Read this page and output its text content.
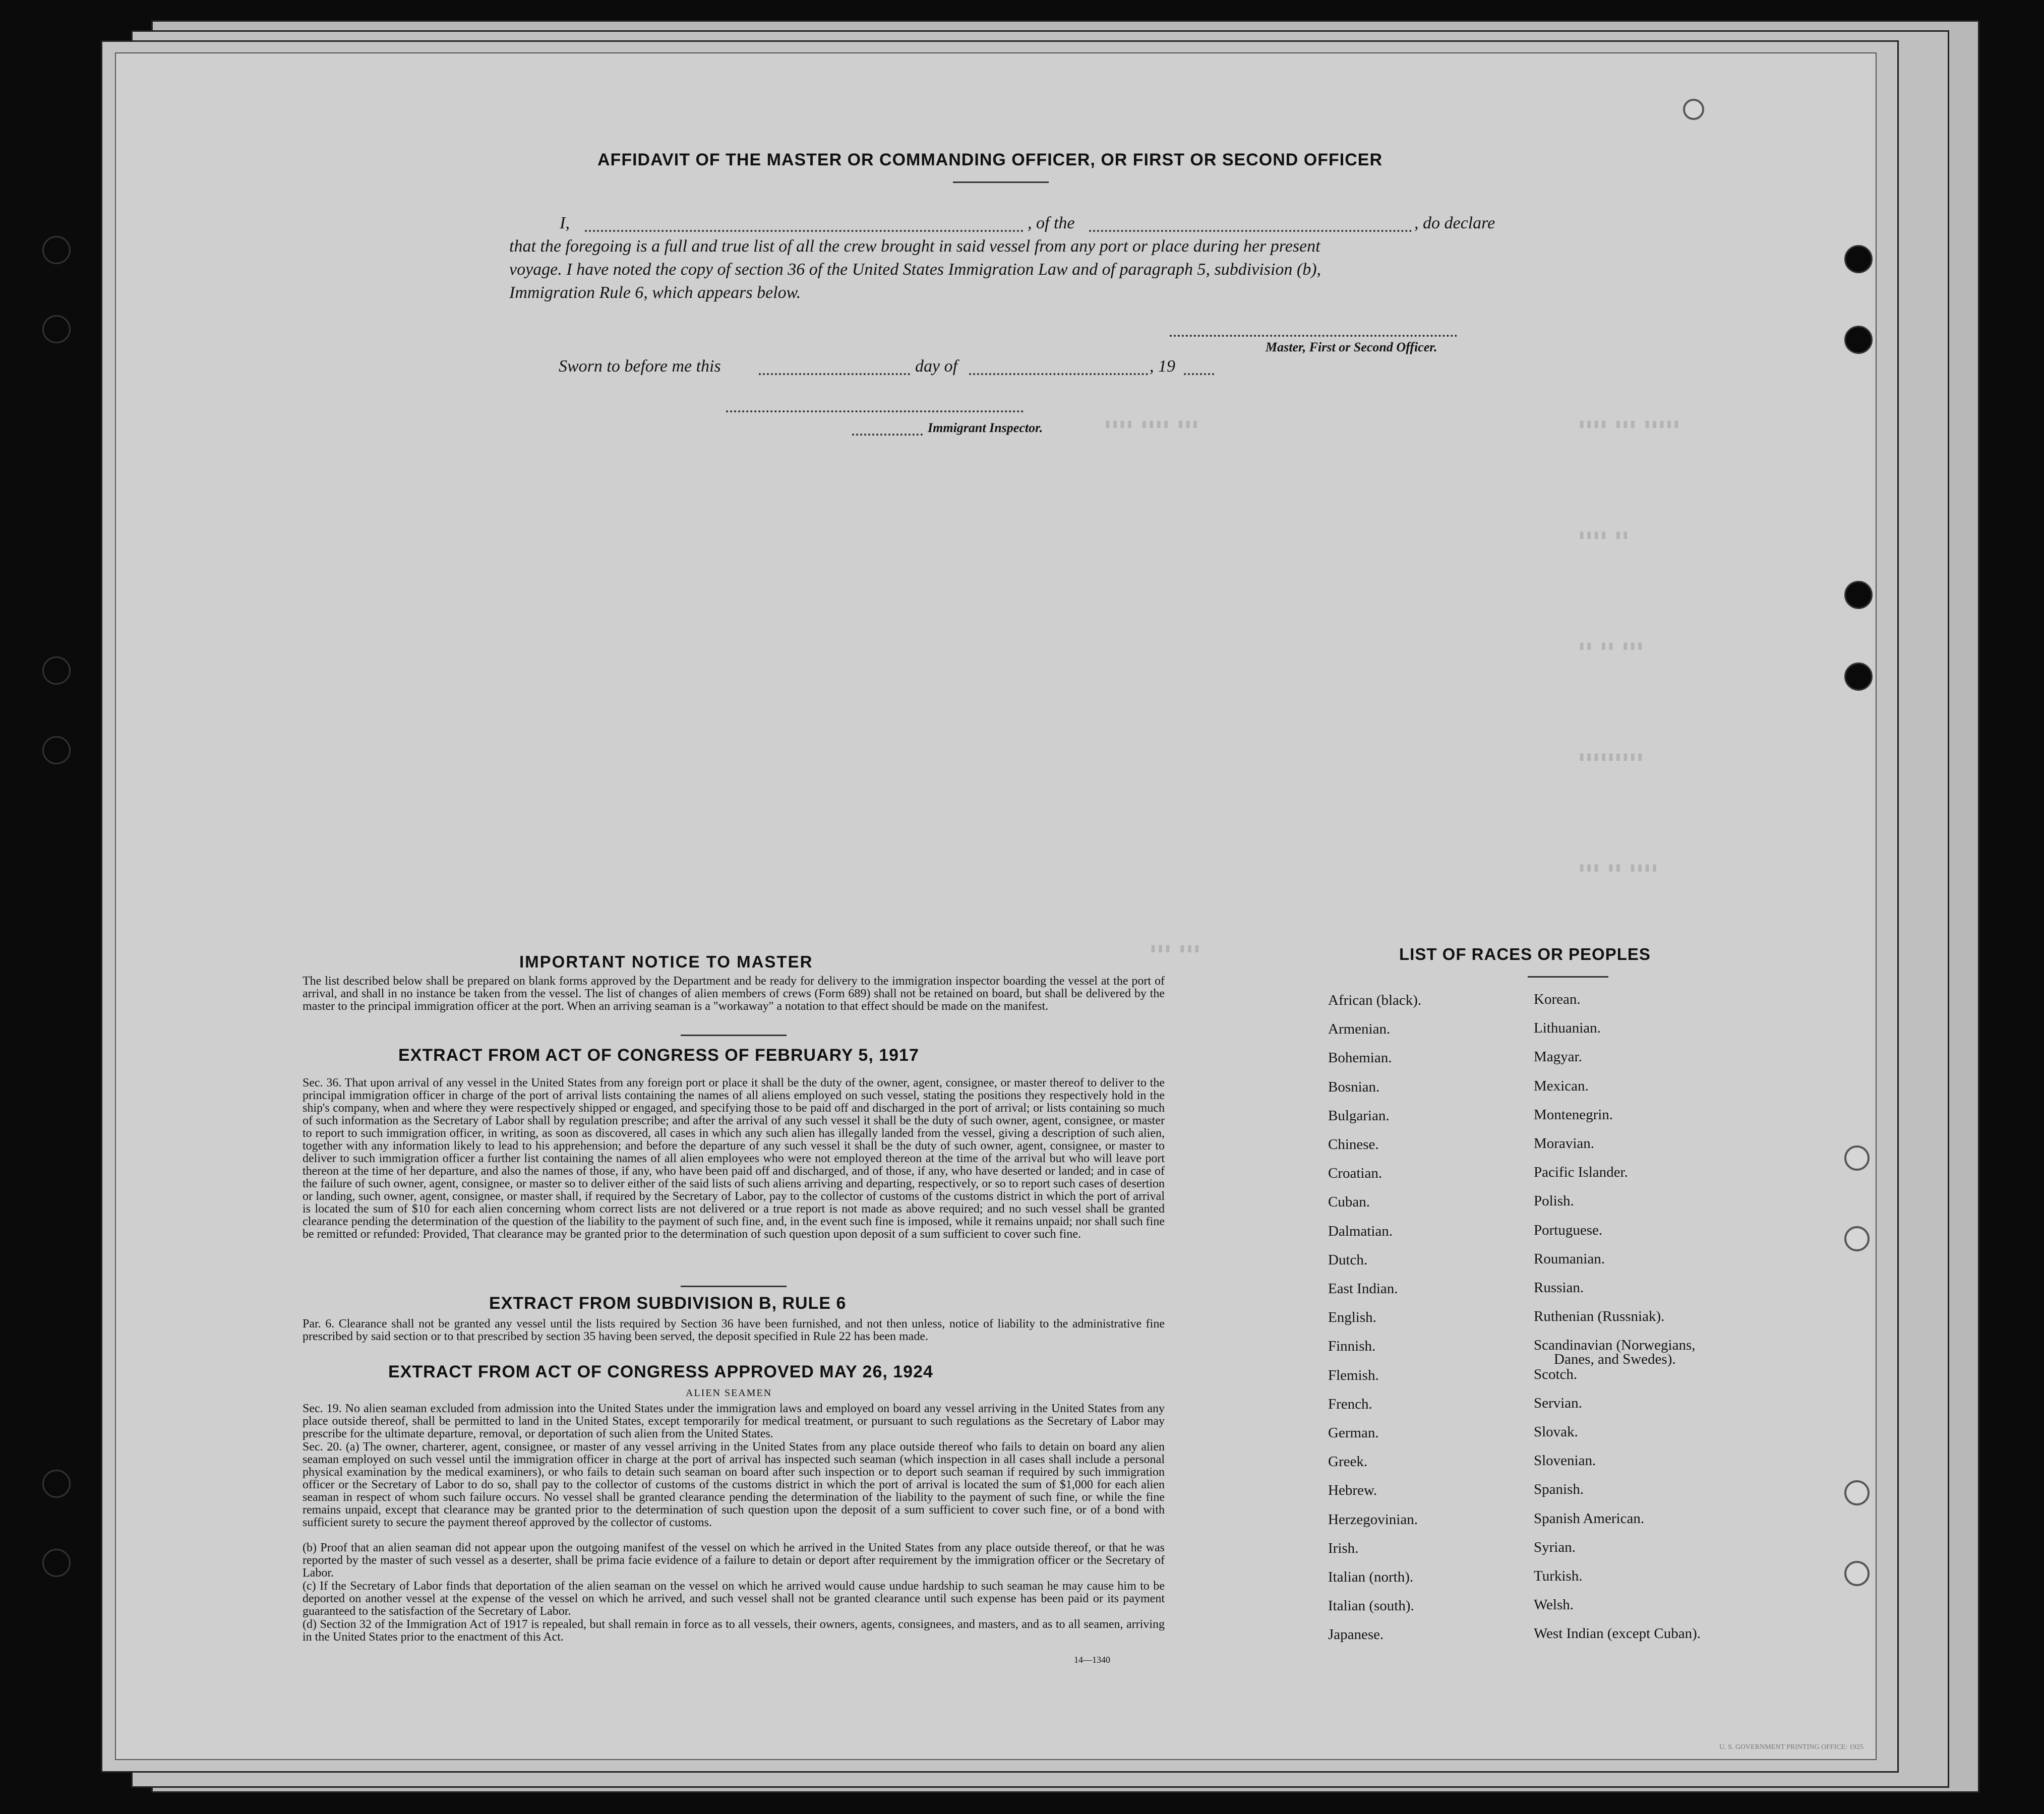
▮▮▮▮ ▮▮▮ ▮▮▮▮▮
▮▮▮▮ ▮▮
▮▮ ▮▮ ▮▮▮
▮▮▮▮▮▮▮▮▮
▮▮▮ ▮▮ ▮▮▮▮
▮▮▮▮ ▮▮▮▮ ▮▮▮
▮▮▮ ▮▮▮
AFFIDAVIT OF THE MASTER OR COMMANDING OFFICER, OR FIRST OR SECOND OFFICER
I,	, of the	, do declare
that the foregoing is a full and true list of all the crew brought in said vessel from any port or place during her present
voyage. I have noted the copy of section 36 of the United States Immigration Law and of paragraph 5, subdivision (b),
Immigration Rule 6, which appears below.
Master, First or Second Officer.
Sworn to before me this	day of	, 19
Immigrant Inspector.
IMPORTANT NOTICE TO MASTER
The list described below shall be prepared on blank forms approved by the Department and be ready for delivery to the immigration inspector boarding the vessel at the port of arrival, and shall in no instance be taken from the vessel. The list of changes of alien members of crews (Form 689) shall not be retained on board, but shall be delivered by the master to the principal immigration officer at the port. When an arriving seaman is a "workaway" a notation to that effect should be made on the manifest.
EXTRACT FROM ACT OF CONGRESS OF FEBRUARY 5, 1917
Sec. 36. That upon arrival of any vessel in the United States from any foreign port or place it shall be the duty of the owner, agent, consignee, or master thereof to deliver to the principal immigration officer in charge of the port of arrival lists containing the names of all aliens employed on such vessel, stating the positions they respectively hold in the ship's company, when and where they were respectively shipped or engaged, and specifying those to be paid off and discharged in the port of arrival; or lists containing so much of such information as the Secretary of Labor shall by regulation prescribe; and after the arrival of any such vessel it shall be the duty of such owner, agent, consignee, or master to report to such immigration officer, in writing, as soon as discovered, all cases in which any such alien has illegally landed from the vessel, giving a description of such alien, together with any information likely to lead to his apprehension; and before the departure of any such vessel it shall be the duty of such owner, agent, consignee, or master to deliver to such immigration officer a further list containing the names of all alien employees who were not employed thereon at the time of the arrival but who will leave port thereon at the time of her departure, and also the names of those, if any, who have been paid off and discharged, and of those, if any, who have deserted or landed; and in case of the failure of such owner, agent, consignee, or master so to deliver either of the said lists of such aliens arriving and departing, respectively, or so to report such cases of desertion or landing, such owner, agent, consignee, or master shall, if required by the Secretary of Labor, pay to the collector of customs of the customs district in which the port of arrival is located the sum of $10 for each alien concerning whom correct lists are not delivered or a true report is not made as above required; and no such vessel shall be granted clearance pending the determination of the question of the liability to the payment of such fine, and, in the event such fine is imposed, while it remains unpaid; nor shall such fine be remitted or refunded: Provided, That clearance may be granted prior to the determination of such question upon deposit of a sum sufficient to cover such fine.
EXTRACT FROM SUBDIVISION B, RULE 6
Par. 6. Clearance shall not be granted any vessel until the lists required by Section 36 have been furnished, and not then unless, notice of liability to the administrative fine prescribed by said section or to that prescribed by section 35 having been served, the deposit specified in Rule 22 has been made.
EXTRACT FROM ACT OF CONGRESS APPROVED MAY 26, 1924
ALIEN SEAMEN
Sec. 19. No alien seaman excluded from admission into the United States under the immigration laws and employed on board any vessel arriving in the United States from any place outside thereof, shall be permitted to land in the United States, except temporarily for medical treatment, or pursuant to such regulations as the Secretary of Labor may prescribe for the ultimate departure, removal, or deportation of such alien from the United States.
Sec. 20. (a) The owner, charterer, agent, consignee, or master of any vessel arriving in the United States from any place outside thereof who fails to detain on board any alien seaman employed on such vessel until the immigration officer in charge at the port of arrival has inspected such seaman (which inspection in all cases shall include a personal physical examination by the medical examiners), or who fails to detain such seaman on board after such inspection or to deport such seaman if required by such immigration officer or the Secretary of Labor to do so, shall pay to the collector of customs of the customs district in which the port of arrival is located the sum of $1,000 for each alien seaman in respect of whom such failure occurs. No vessel shall be granted clearance pending the determination of the liability to the payment of such fine, or while the fine remains unpaid, except that clearance may be granted prior to the determination of such question upon the deposit of a sum sufficient to cover such fine, or of a bond with sufficient surety to secure the payment thereof approved by the collector of customs.
(b) Proof that an alien seaman did not appear upon the outgoing manifest of the vessel on which he arrived in the United States from any place outside thereof, or that he was reported by the master of such vessel as a deserter, shall be prima facie evidence of a failure to detain or deport after requirement by the immigration officer or the Secretary of Labor.
(c) If the Secretary of Labor finds that deportation of the alien seaman on the vessel on which he arrived would cause undue hardship to such seaman he may cause him to be deported on another vessel at the expense of the vessel on which he arrived, and such vessel shall not be granted clearance until such expense has been paid or its payment guaranteed to the satisfaction of the Secretary of Labor.
(d) Section 32 of the Immigration Act of 1917 is repealed, but shall remain in force as to all vessels, their owners, agents, consignees, and masters, and as to all seamen, arriving in the United States prior to the enactment of this Act.
14—1340
LIST OF RACES OR PEOPLES
African (black).
Armenian.
Bohemian.
Bosnian.
Bulgarian.
Chinese.
Croatian.
Cuban.
Dalmatian.
Dutch.
East Indian.
English.
Finnish.
Flemish.
French.
German.
Greek.
Hebrew.
Herzegovinian.
Irish.
Italian (north).
Italian (south).
Japanese.
Korean.
Lithuanian.
Magyar.
Mexican.
Montenegrin.
Moravian.
Pacific Islander.
Polish.
Portuguese.
Roumanian.
Russian.
Ruthenian (Russniak).
Scandinavian (Norwegians,
Danes, and Swedes).
Scotch.
Servian.
Slovak.
Slovenian.
Spanish.
Spanish American.
Syrian.
Turkish.
Welsh.
West Indian (except Cuban).
U. S. GOVERNMENT PRINTING OFFICE: 1925
